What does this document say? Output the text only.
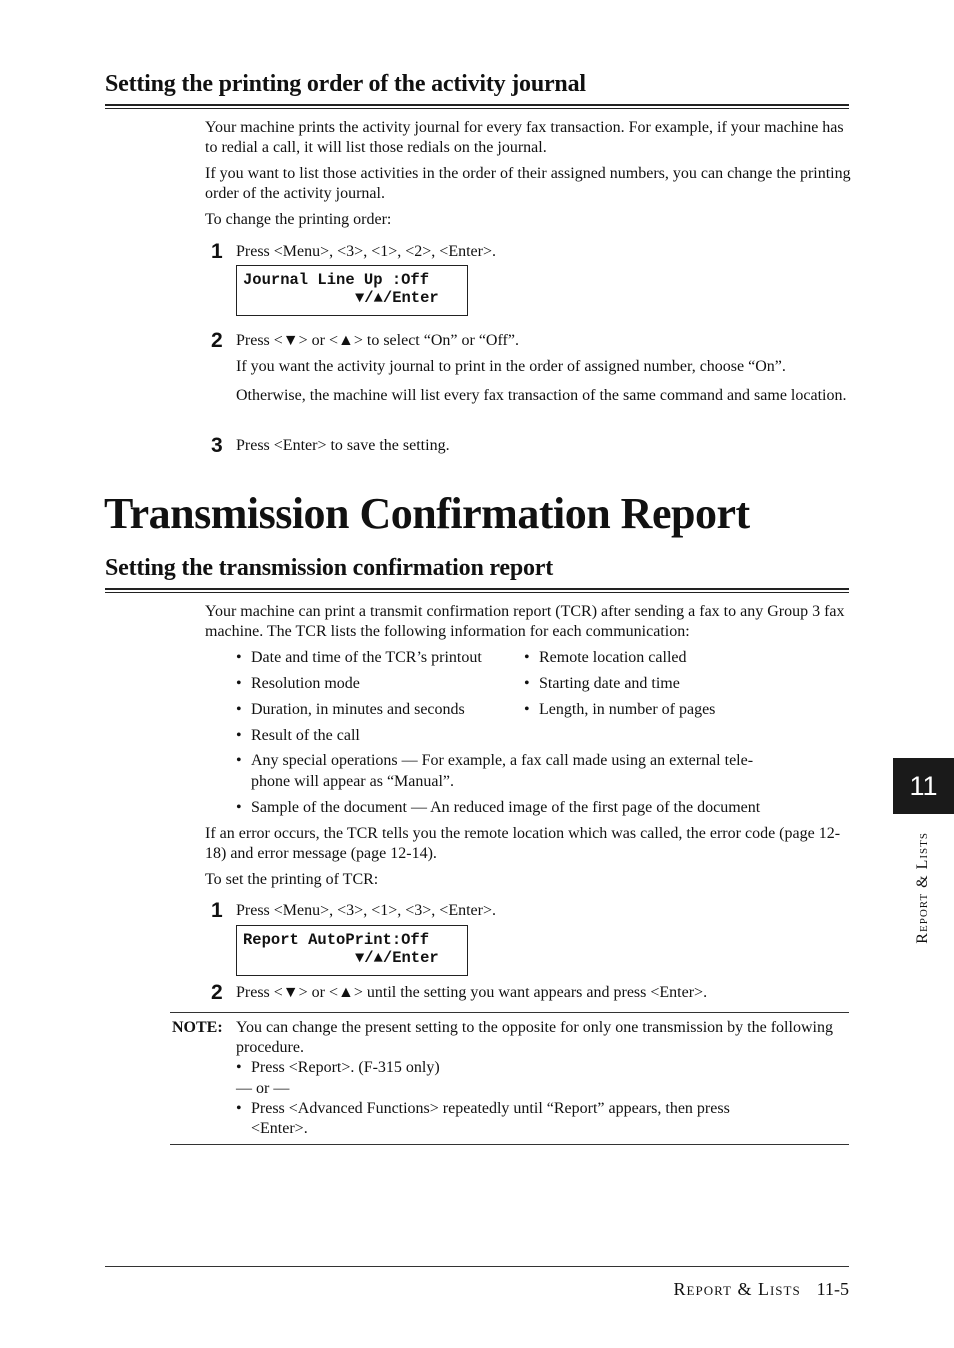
Setting the printing order of the activity journal
Your machine prints the activity journal for every fax transaction. For example, if your machine has to redial a call, it will list those redials on the journal.
If you want to list those activities in the order of their assigned numbers, you can change the printing order of the activity journal.
To change the printing order:
1 Press <Menu>, <3>, <1>, <2>, <Enter>.
Journal Line Up :Off
▼/▲/Enter
2 Press <▼> or <▲> to select “On” or “Off”.
If you want the activity journal to print in the order of assigned number, choose “On”.
Otherwise, the machine will list every fax transaction of the same command and same location.
3 Press <Enter> to save the setting.
Transmission Confirmation Report
Setting the transmission confirmation report
Your machine can print a transmit confirmation report (TCR) after sending a fax to any Group 3 fax machine. The TCR lists the following information for each communication:
• Date and time of the TCR’s printout
• Resolution mode
• Duration, in minutes and seconds
• Result of the call
• Remote location called
• Starting date and time
• Length, in number of pages
• Any special operations — For example, a fax call made using an external tele-
phone will appear as “Manual”.
• Sample of the document — An reduced image of the first page of the document
If an error occurs, the TCR tells you the remote location which was called, the error code (page 12-18) and error message (page 12-14).
To set the printing of TCR:
1 Press <Menu>, <3>, <1>, <3>, <Enter>.
Report AutoPrint:Off
▼/▲/Enter
2 Press <▼> or <▲> until the setting you want appears and press <Enter>.
NOTE: You can change the present setting to the opposite for only one transmission by the following procedure.
• Press <Report>. (F-315 only)
— or —
• Press <Advanced Functions> repeatedly until “Report” appears, then press
<Enter>.
11
Report & Lists
Report & Lists 11-5
